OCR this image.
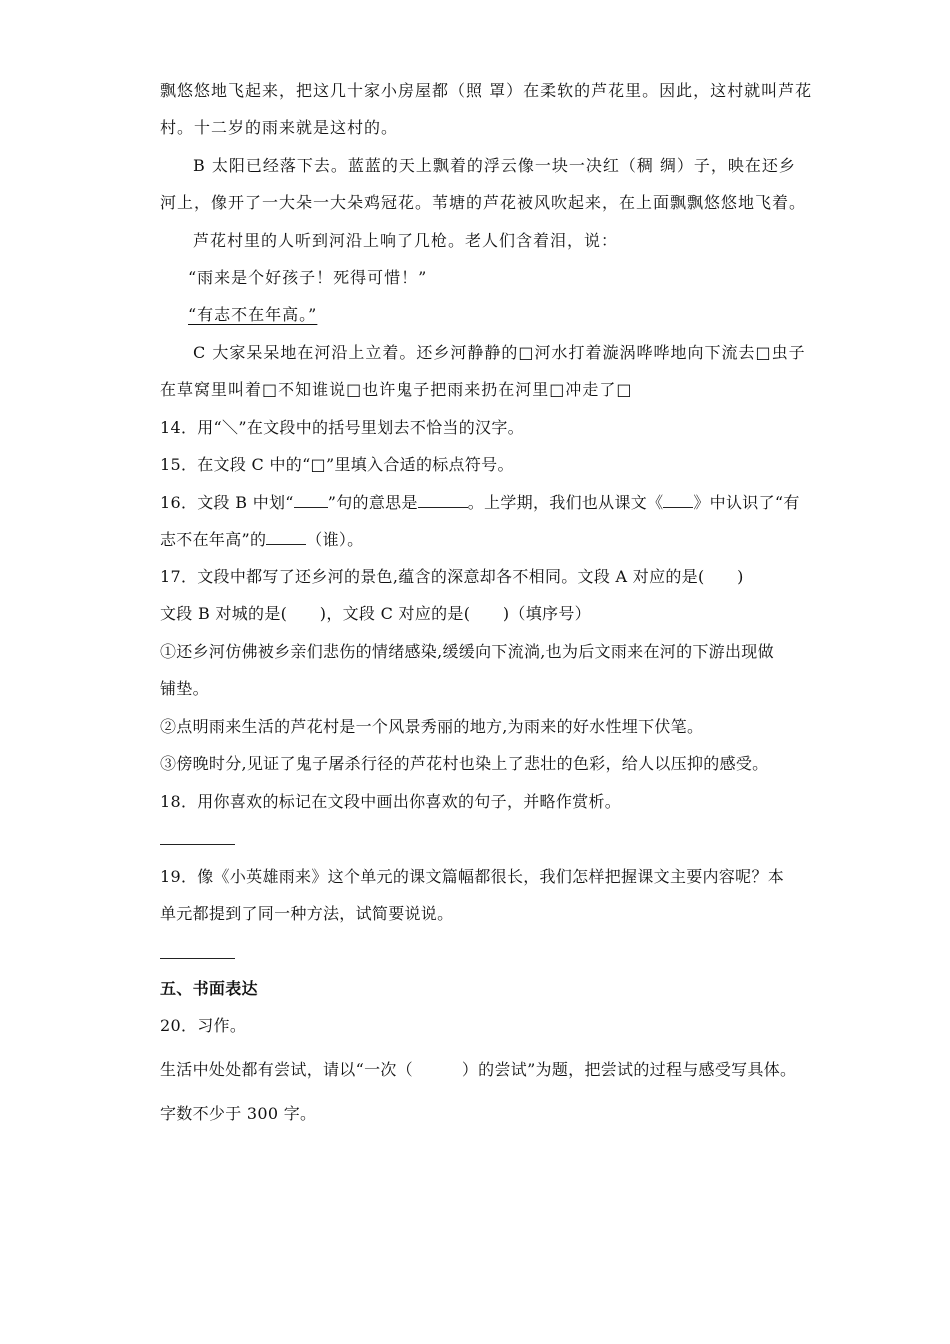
飘悠悠地飞起来，把这几十家小房屋都（照 罩）在柔软的芦花里。因此，这村就叫芦花
村。十二岁的雨来就是这村的。
B 太阳已经落下去。蓝蓝的天上飘着的浮云像一块一决红（稠 绸）子，映在还乡
河上，像开了一大朵一大朵鸡冠花。苇塘的芦花被风吹起来，在上面飘飘悠悠地飞着。
芦花村里的人听到河沿上响了几枪。老人们含着泪，说：
“雨来是个好孩子！死得可惜！”
“有志不在年高。”
C 大家呆呆地在河沿上立着。还乡河静静的□河水打着漩涡哗哗地向下流去□虫子
在草窝里叫着□不知谁说□也许鬼子把雨来扔在河里□冲走了□
14．用“＼”在文段中的括号里划去不恰当的汉字。
15．在文段 C 中的“□”里填入合适的标点符号。
16．文段 B 中划“ ”句的意思是	。上学期，我们也从课文《 》中认识了“有
志不在年高”的	（谁）。
17．文段中都写了还乡河的景色,蕴含的深意却各不相同。文段 A 对应的是(　　)
文段 B 对城的是(　　)，文段 C 对应的是(　　)（填序号）
①还乡河仿佛被乡亲们悲伤的情绪感染,缓缓向下流淌,也为后文雨来在河的下游出现做
铺垫。
②点明雨来生活的芦花村是一个风景秀丽的地方,为雨来的好水性埋下伏笔。
③傍晚时分,见证了鬼子屠杀行径的芦花村也染上了悲壮的色彩，给人以压抑的感受。
18．用你喜欢的标记在文段中画出你喜欢的句子，并略作赏析。
19．像《小英雄雨来》这个单元的课文篇幅都很长，我们怎样把握课文主要内容呢？本
单元都提到了同一种方法，试简要说说。
五、书面表达
20．习作。
生活中处处都有尝试，请以“一次（　　　）的尝试”为题，把尝试的过程与感受写具体。
字数不少于 300 字。
